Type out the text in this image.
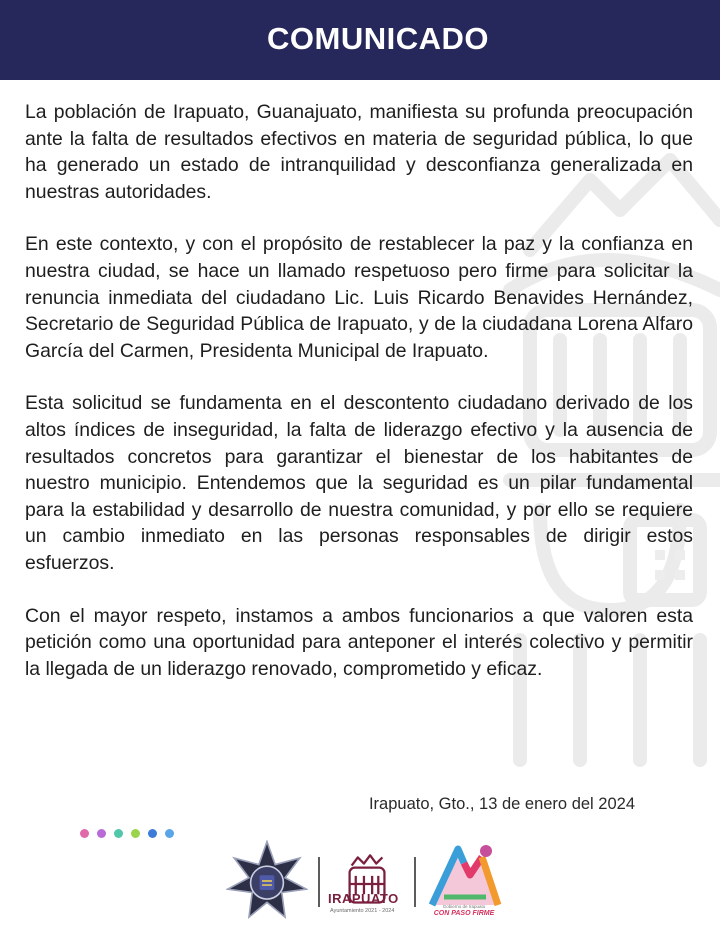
COMUNICADO

La población de Irapuato, Guanajuato, manifiesta su profunda preocupación ante la falta de resultados efectivos en materia de seguridad pública, lo que ha generado un estado de intranquilidad y desconfianza generalizada en nuestras autoridades.

En este contexto, y con el propósito de restablecer la paz y la confianza en nuestra ciudad, se hace un llamado respetuoso pero firme para solicitar la renuncia inmediata del ciudadano Lic. Luis Ricardo Benavides Hernández, Secretario de Seguridad Pública de Irapuato, y de la ciudadana Lorena Alfaro García del Carmen, Presidenta Municipal de Irapuato.

Esta solicitud se fundamenta en el descontento ciudadano derivado de los altos índices de inseguridad, la falta de liderazgo efectivo y la ausencia de resultados concretos para garantizar el bienestar de los habitantes de nuestro municipio. Entendemos que la seguridad es un pilar fundamental para la estabilidad y desarrollo de nuestra comunidad, y por ello se requiere un cambio inmediato en las personas responsables de dirigir estos esfuerzos.

Con el mayor respeto, instamos a ambos funcionarios a que valoren esta petición como una oportunidad para anteponer el interés colectivo y permitir la llegada de un liderazgo renovado, comprometido y eficaz.

Irapuato, Gto., 13 de enero del 2024
IRAPUATO
Ayuntamiento 2021 - 2024
Gobierno de Irapuato
CON PASO FIRME
